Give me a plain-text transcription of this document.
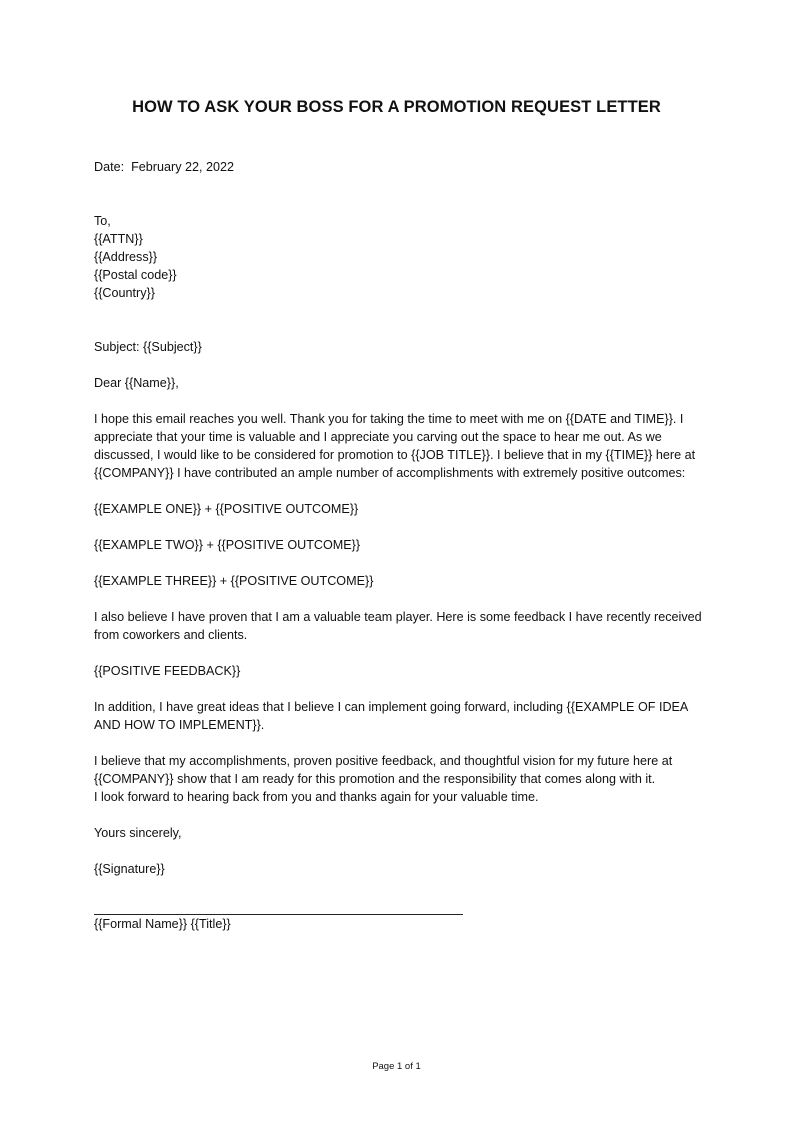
HOW TO ASK YOUR BOSS FOR A PROMOTION REQUEST LETTER

Date:  February 22, 2022

To,

{{ATTN}}

{{Address}}

{{Postal code}}

{{Country}}

Subject: {{Subject}}

Dear {{Name}},

I hope this email reaches you well. Thank you for taking the time to meet with me on {{DATE and TIME}}. I appreciate that your time is valuable and I appreciate you carving out the space to hear me out. As we discussed, I would like to be considered for promotion to {{JOB TITLE}}. I believe that in my {{TIME}} here at {{COMPANY}} I have contributed an ample number of accomplishments with extremely positive outcomes:

{{EXAMPLE ONE}} + {{POSITIVE OUTCOME}}

{{EXAMPLE TWO}} + {{POSITIVE OUTCOME}}

{{EXAMPLE THREE}} + {{POSITIVE OUTCOME}}

I also believe I have proven that I am a valuable team player. Here is some feedback I have recently received from coworkers and clients.

{{POSITIVE FEEDBACK}}

In addition, I have great ideas that I believe I can implement going forward, including {{EXAMPLE OF IDEA AND HOW TO IMPLEMENT}}.

I believe that my accomplishments, proven positive feedback, and thoughtful vision for my future here at {{COMPANY}} show that I am ready for this promotion and the responsibility that comes along with it.

I look forward to hearing back from you and thanks again for your valuable time.

Yours sincerely,

{{Signature}}

{{Formal Name}} {{Title}}

Page 1 of 1
